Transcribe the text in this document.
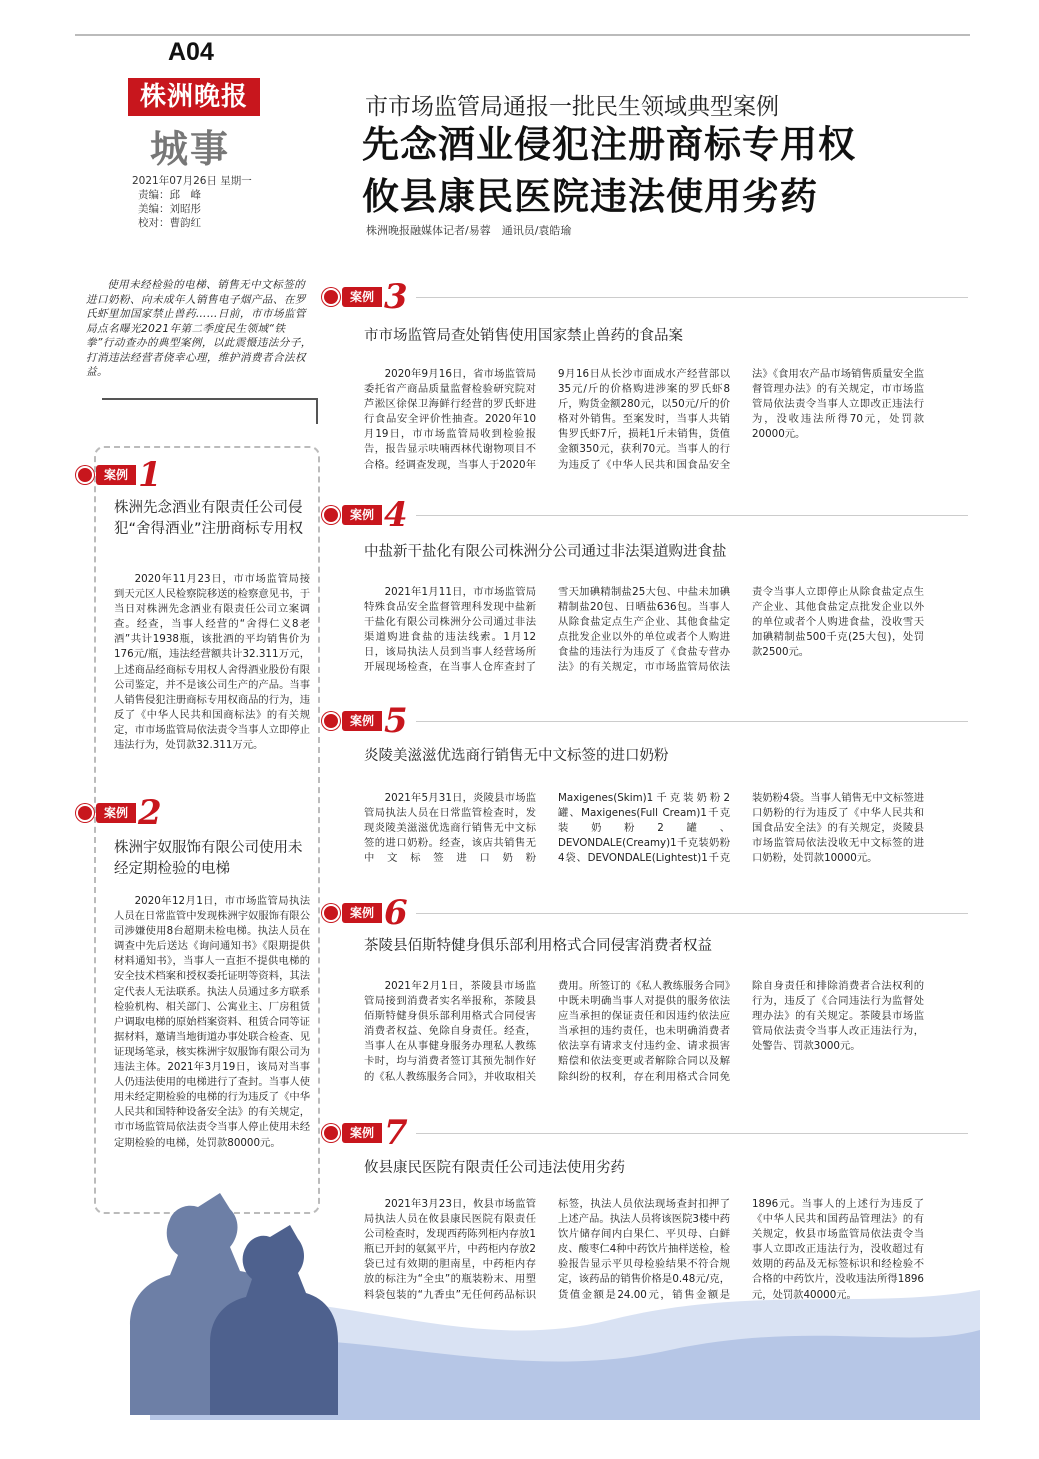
A04
株洲晚报
城事
2021年07月26日 星期一
责编：邱　峰
美编：刘昭彤
校对：曹韵红
市市场监管局通报一批民生领域典型案例
先念酒业侵犯注册商标专用权
攸县康民医院违法使用劣药
株洲晚报融媒体记者/易蓉　通讯员/袁皓瑜
使用未经检验的电梯、销售无中文标签的进口奶粉、向未成年人销售电子烟产品、在罗氏虾里加国家禁止兽药……日前，市市场监管局点名曝光2021年第二季度民生领域“铁拳”行动查办的典型案例，以此震慑违法分子，打消违法经营者侥幸心理，维护消费者合法权益。
案例 1
株洲先念酒业有限责任公司侵犯“舍得酒业”注册商标专用权
2020年11月23日，市市场监管局接到天元区人民检察院移送的检察意见书，于当日对株洲先念酒业有限责任公司立案调查。经查，当事人经营的“舍得仁义8老酒”共计1938瓶，该批酒的平均销售价为176元/瓶，违法经营额共计32.311万元，上述商品经商标专用权人舍得酒业股份有限公司鉴定，并不是该公司生产的产品。当事人销售侵犯注册商标专用权商品的行为，违反了《中华人民共和国商标法》的有关规定，市市场监管局依法责令当事人立即停止违法行为，处罚款32.311万元。
案例 2
株洲宇奴服饰有限公司使用未经定期检验的电梯
2020年12月1日，市市场监管局执法人员在日常监管中发现株洲宇奴服饰有限公司涉嫌使用8台超期未检电梯。执法人员在调查中先后送达《询问通知书》《限期提供材料通知书》，当事人一直拒不提供电梯的安全技术档案和授权委托证明等资料，其法定代表人无法联系。执法人员通过多方联系检验机构、相关部门、公寓业主、厂房租赁户调取电梯的原始档案资料、租赁合同等证据材料，邀请当地街道办事处联合检查、见证现场笔录，核实株洲宇奴服饰有限公司为违法主体。2021年3月19日，该局对当事人仍违法使用的电梯进行了查封。当事人使用未经定期检验的电梯的行为违反了《中华人民共和国特种设备安全法》的有关规定，市市场监管局依法责令当事人停止使用未经定期检验的电梯，处罚款80000元。
案例 3
市市场监管局查处销售使用国家禁止兽药的食品案
2020年9月16日，省市场监管局委托省产商品质量监督检验研究院对芦淞区徐保卫海鲜行经营的罗氏虾进行食品安全评价性抽查。2020年10月19日，市市场监管局收到检验报告，报告显示呋喃西林代谢物项目不合格。经调查发现，当事人于2020年9月16日从长沙市面成水产经营部以35元/斤的价格购进涉案的罗氏虾8斤，购货金额280元，以50元/斤的价格对外销售。至案发时，当事人共销售罗氏虾7斤，损耗1斤未销售，货值金额350元，获利70元。当事人的行为违反了《中华人民共和国食品安全法》《食用农产品市场销售质量安全监督管理办法》的有关规定，市市场监管局依法责令当事人立即改正违法行为，没收违法所得70元，处罚款20000元。
案例 4
中盐新干盐化有限公司株洲分公司通过非法渠道购进食盐
2021年1月11日，市市场监管局特殊食品安全监督管理科发现中盐新干盐化有限公司株洲分公司通过非法渠道购进食盐的违法线索。1月12日，该局执法人员到当事人经营场所开展现场检查，在当事人仓库查封了雪天加碘精制盐25大包、中盐未加碘精制盐20包、日晒盐636包。当事人从除食盐定点生产企业、其他食盐定点批发企业以外的单位或者个人购进食盐的违法行为违反了《食盐专营办法》的有关规定，市市场监管局依法责令当事人立即停止从除食盐定点生产企业、其他食盐定点批发企业以外的单位或者个人购进食盐，没收雪天加碘精制盐500千克(25大包)，处罚款2500元。
案例 5
炎陵美滋滋优选商行销售无中文标签的进口奶粉
2021年5月31日，炎陵县市场监管局执法人员在日常监管检查时，发现炎陵美滋滋优选商行销售无中文标签的进口奶粉。经查，该店共销售无中文标签进口奶粉Maxigenes(Skim)1千克装奶粉2罐、Maxigenes(Full Cream)1千克装奶粉2罐、DEVONDALE(Creamy)1千克装奶粉4袋、DEVONDALE(Lightest)1千克装奶粉4袋。当事人销售无中文标签进口奶粉的行为违反了《中华人民共和国食品安全法》的有关规定，炎陵县市场监管局依法没收无中文标签的进口奶粉，处罚款10000元。
案例 6
茶陵县佰斯特健身俱乐部利用格式合同侵害消费者权益
2021年2月1日，茶陵县市场监管局接到消费者实名举报称，茶陵县佰斯特健身俱乐部利用格式合同侵害消费者权益、免除自身责任。经查，当事人在从事健身服务办理私人教练卡时，均与消费者签订其预先制作好的《私人教练服务合同》，并收取相关费用。所签订的《私人教练服务合同》中既未明确当事人对提供的服务依法应当承担的保证责任和因违约依法应当承担的违约责任，也未明确消费者依法享有请求支付违约金、请求损害赔偿和依法变更或者解除合同以及解除纠纷的权利，存在利用格式合同免除自身责任和排除消费者合法权利的行为，违反了《合同违法行为监督处理办法》的有关规定。茶陵县市场监管局依法责令当事人改正违法行为，处警告、罚款3000元。
案例 7
攸县康民医院有限责任公司违法使用劣药
2021年3月23日，攸县市场监管局执法人员在攸县康民医院有限责任公司检查时，发现西药陈列柜内存放1瓶已开封的氨氮平片，中药柜内存放2袋已过有效期的胆南星，中药柜内存放的标注为“全虫”的瓶装粉末、用塑料袋包装的“九香虫”无任何药品标识标签，执法人员依法现场查封扣押了上述产品。执法人员将该医院3楼中药饮片储存间内白果仁、平贝母、白鲜皮、酸枣仁4种中药饮片抽样送检，检验报告显示平贝母检验结果不符合规定，该药品的销售价格是0.48元/克，货值金额是24.00元，销售金额是1896元。当事人的上述行为违反了《中华人民共和国药品管理法》的有关规定，攸县市场监管局依法责令当事人立即改正违法行为，没收超过有效期的药品及无标签标识和经检验不合格的中药饮片，没收违法所得1896元，处罚款40000元。
